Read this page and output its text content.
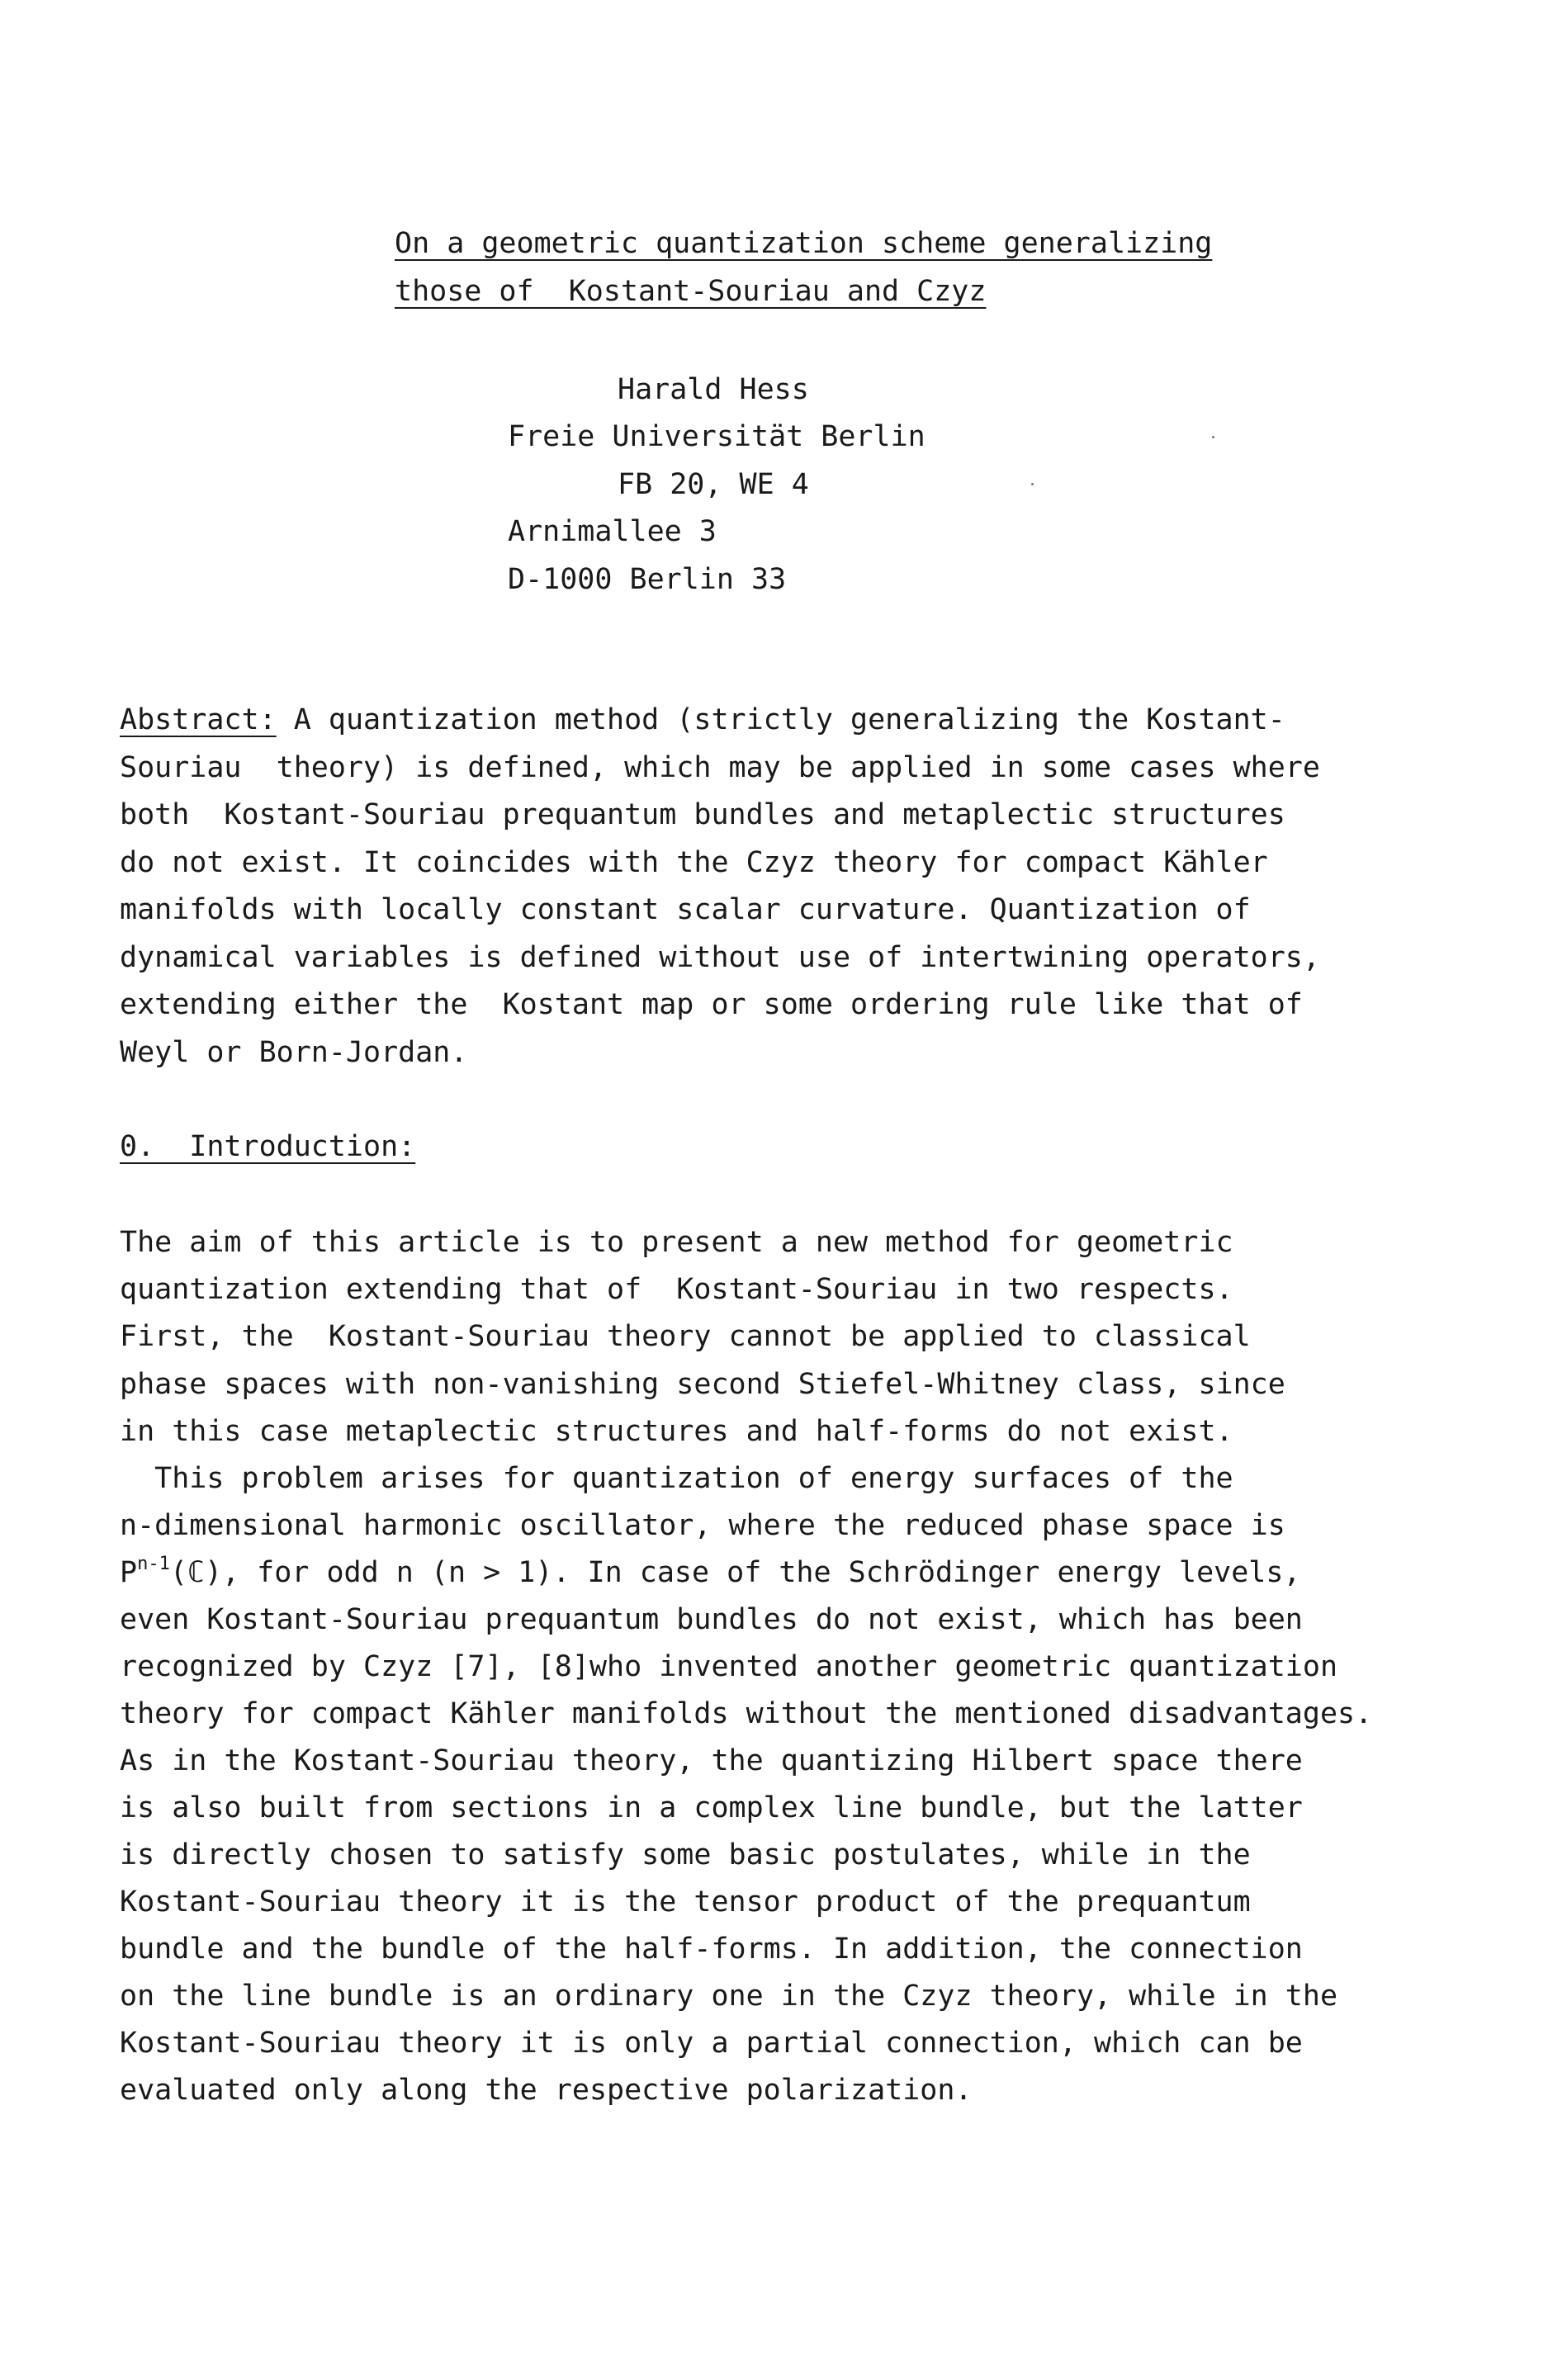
On a geometric quantization scheme generalizing
those of  Kostant-Souriau and Czyz
Harald Hess
Freie Universität Berlin
FB 20, WE 4
Arnimallee 3
D-1000 Berlin 33
Abstract: A quantization method (strictly generalizing the Kostant-
Souriau  theory) is defined, which may be applied in some cases where
both  Kostant-Souriau prequantum bundles and metaplectic structures
do not exist. It coincides with the Czyz theory for compact Kähler
manifolds with locally constant scalar curvature. Quantization of
dynamical variables is defined without use of intertwining operators,
extending either the  Kostant map or some ordering rule like that of
Weyl or Born-Jordan.
0.  Introduction:
The aim of this article is to present a new method for geometric
quantization extending that of  Kostant-Souriau in two respects.
First, the  Kostant-Souriau theory cannot be applied to classical
phase spaces with non-vanishing second Stiefel-Whitney class, since
in this case metaplectic structures and half-forms do not exist.
This problem arises for quantization of energy surfaces of the
n-dimensional harmonic oscillator, where the reduced phase space is
$P^{n-1}(ℂ)$, for odd n (n > 1). In case of the Schrödinger energy levels,
even Kostant-Souriau prequantum bundles do not exist, which has been
recognized by Czyz [7], [8]who invented another geometric quantization
theory for compact Kähler manifolds without the mentioned disadvantages.
As in the Kostant-Souriau theory, the quantizing Hilbert space there
is also built from sections in a complex line bundle, but the latter
is directly chosen to satisfy some basic postulates, while in the
Kostant-Souriau theory it is the tensor product of the prequantum
bundle and the bundle of the half-forms. In addition, the connection
on the line bundle is an ordinary one in the Czyz theory, while in the
Kostant-Souriau theory it is only a partial connection, which can be
evaluated only along the respective polarization.
